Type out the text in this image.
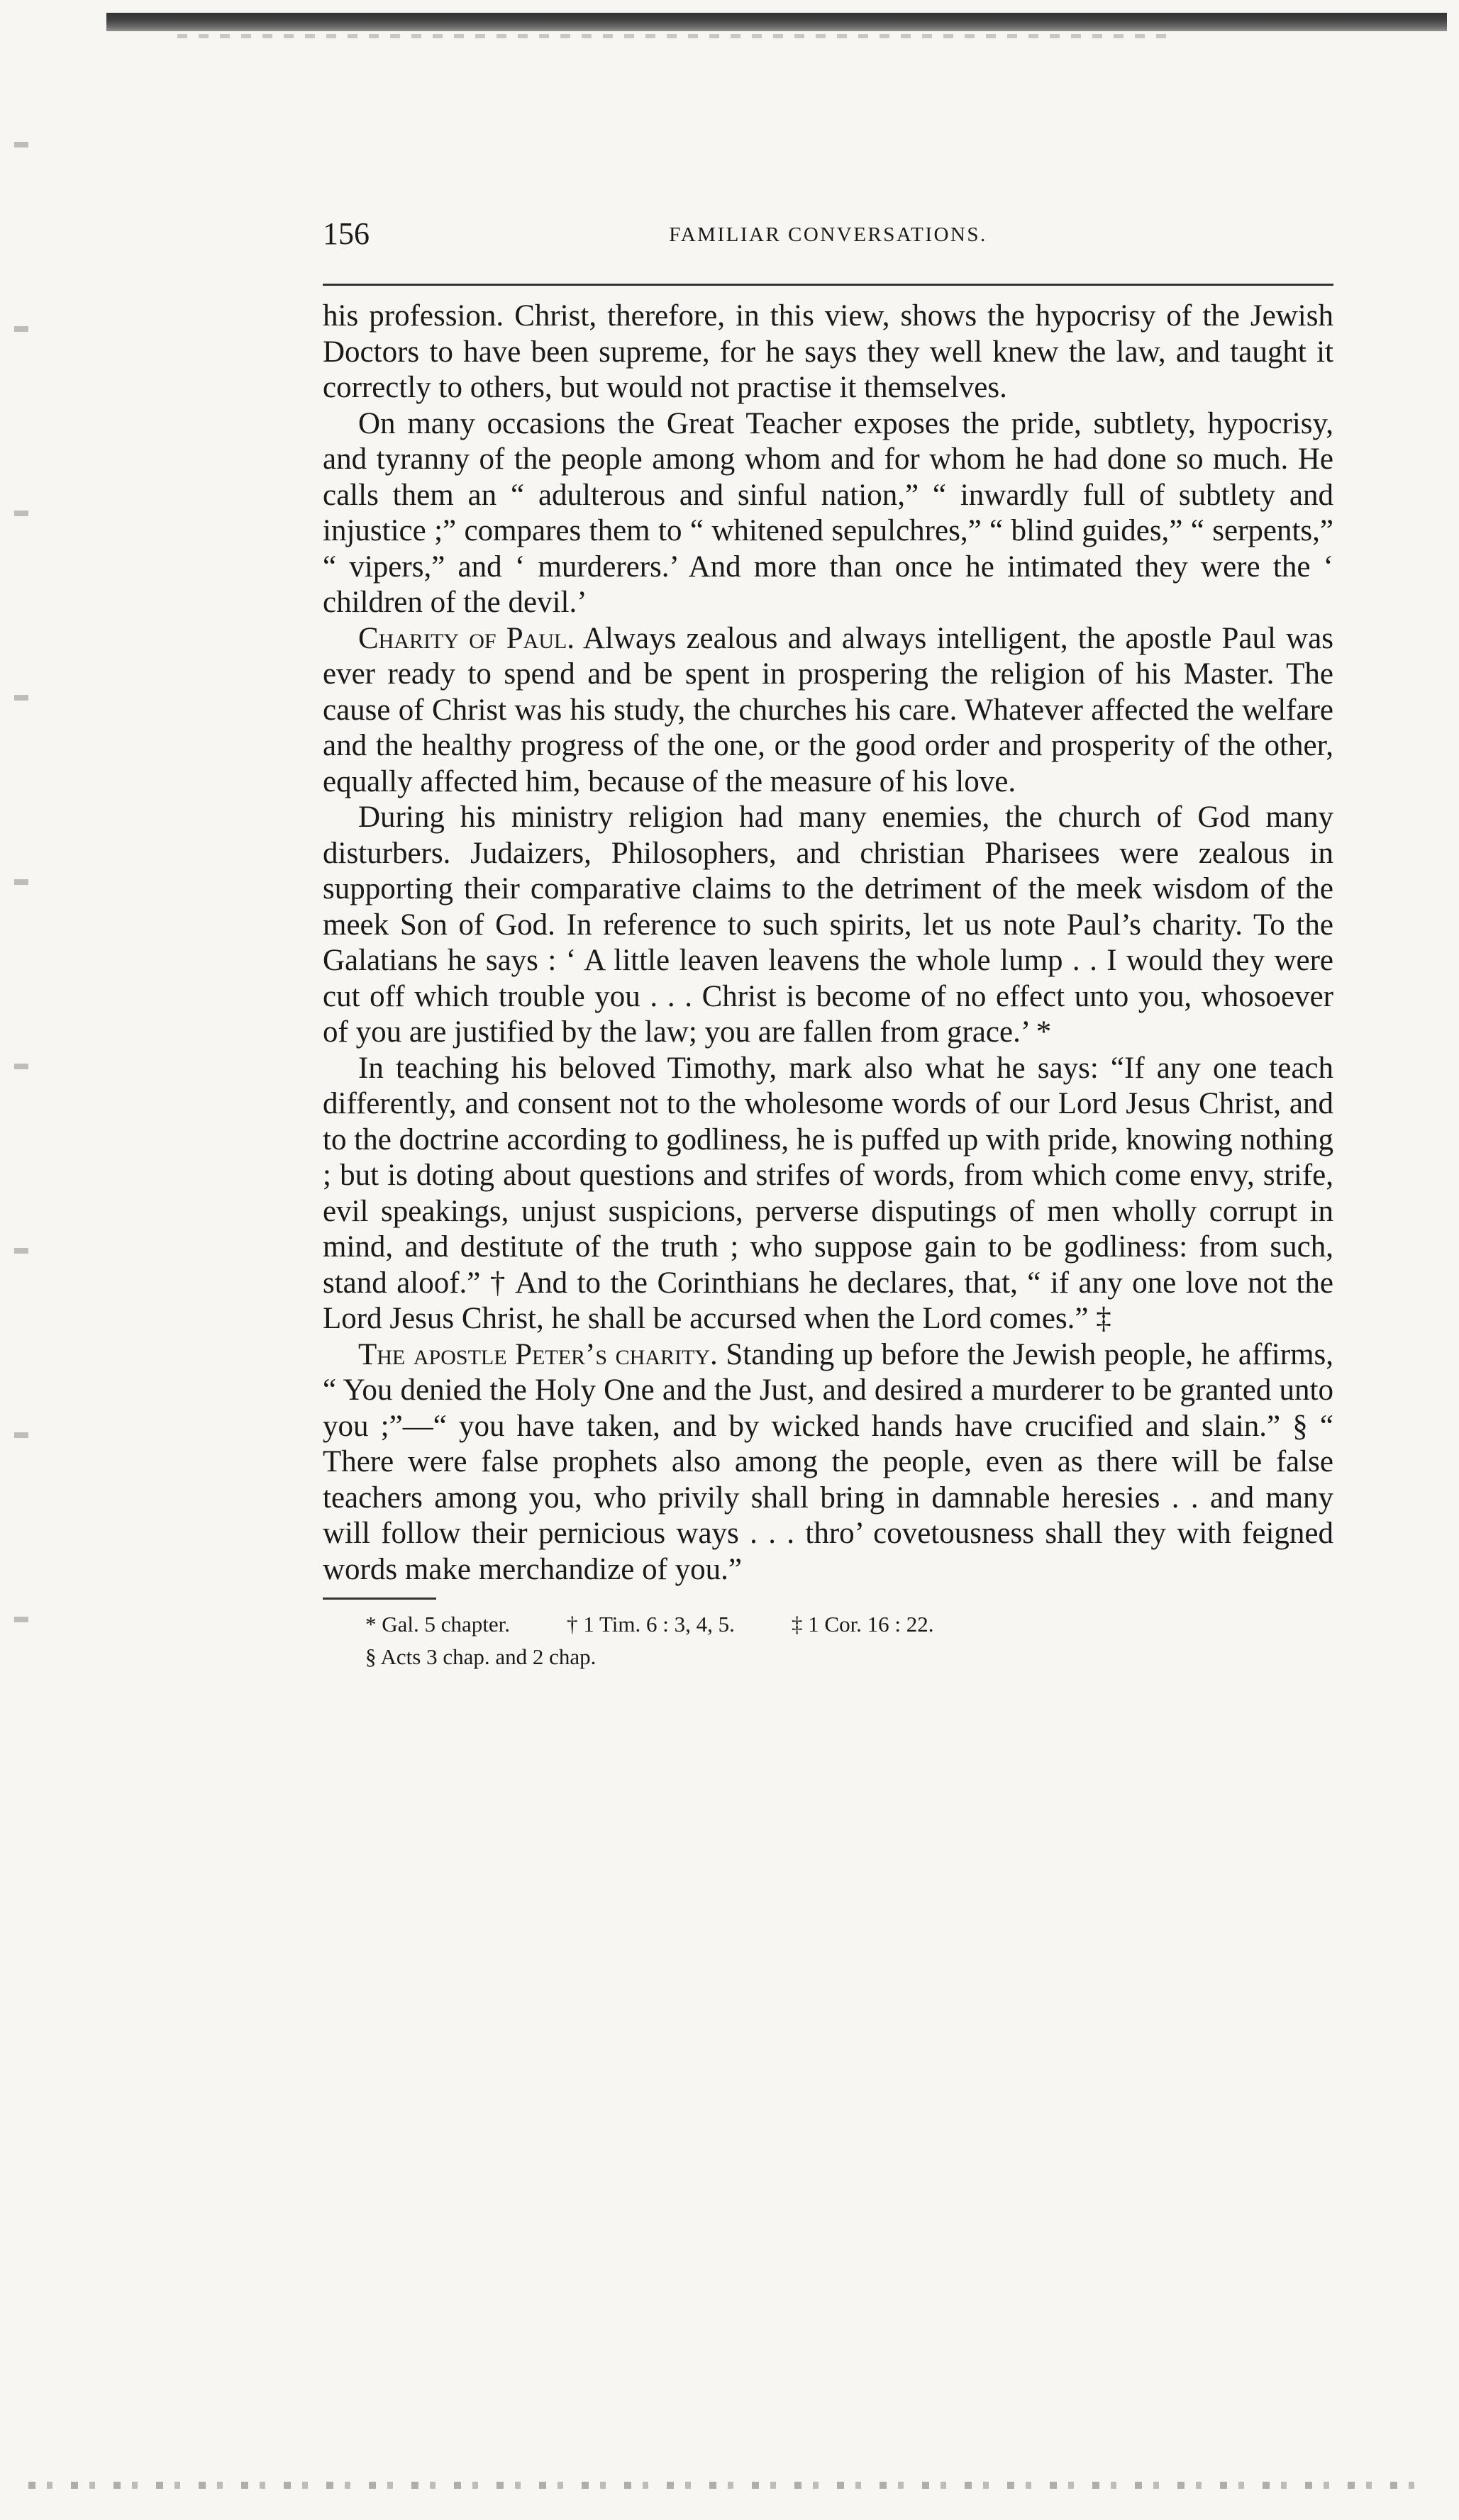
156	FAMILIAR CONVERSATIONS.

his profession. Christ, therefore, in this view, shows the hypocrisy of the Jewish Doctors to have been supreme, for he says they well knew the law, and taught it correctly to others, but would not practise it themselves.

On many occasions the Great Teacher exposes the pride, subtlety, hypocrisy, and tyranny of the people among whom and for whom he had done so much. He calls them an “ adulterous and sinful nation,” “ inwardly full of subtlety and injustice ;” compares them to “ whitened sepulchres,” “ blind guides,” “ serpents,” “ vipers,” and ‘ murderers.’ And more than once he intimated they were the ‘ children of the devil.’

Charity of Paul. Always zealous and always intelligent, the apostle Paul was ever ready to spend and be spent in prospering the religion of his Master. The cause of Christ was his study, the churches his care. Whatever affected the welfare and the healthy progress of the one, or the good order and prosperity of the other, equally affected him, because of the measure of his love.

During his ministry religion had many enemies, the church of God many disturbers. Judaizers, Philosophers, and christian Pharisees were zealous in supporting their comparative claims to the detriment of the meek wisdom of the meek Son of God. In reference to such spirits, let us note Paul’s charity. To the Galatians he says : ‘ A little leaven leavens the whole lump . . I would they were cut off which trouble you . . . Christ is become of no effect unto you, whosoever of you are justified by the law; you are fallen from grace.’ *

In teaching his beloved Timothy, mark also what he says: “If any one teach differently, and consent not to the wholesome words of our Lord Jesus Christ, and to the doctrine according to godliness, he is puffed up with pride, knowing nothing ; but is doting about questions and strifes of words, from which come envy, strife, evil speakings, unjust suspicions, perverse disputings of men wholly corrupt in mind, and destitute of the truth ; who suppose gain to be godliness: from such, stand aloof.” † And to the Corinthians he declares, that, “ if any one love not the Lord Jesus Christ, he shall be accursed when the Lord comes.” ‡

The apostle Peter’s charity. Standing up before the Jewish people, he affirms, “ You denied the Holy One and the Just, and desired a murderer to be granted unto you ;”—“ you have taken, and by wicked hands have crucified and slain.” § “ There were false prophets also among the people, even as there will be false teachers among you, who privily shall bring in damnable heresies . . and many will follow their pernicious ways . . . thro’ covetousness shall they with feigned words make merchandize of you.”

* Gal. 5 chapter.	† 1 Tim. 6 : 3, 4, 5.	‡ 1 Cor. 16 : 22.
§ Acts 3 chap. and 2 chap.
